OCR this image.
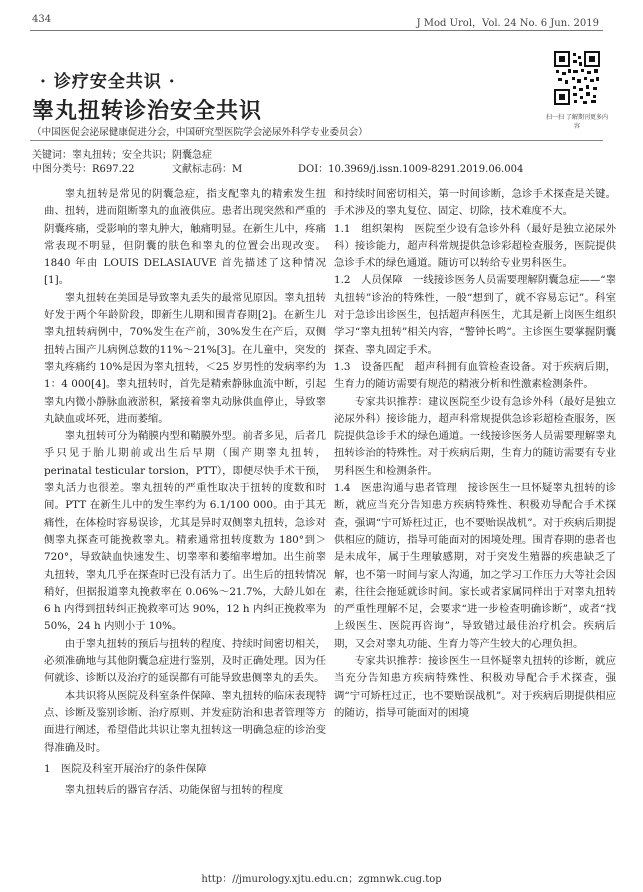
434	J Mod Urol，Vol. 24 No. 6 Jun. 2019
· 诊疗安全共识 ·
睾丸扭转诊治安全共识
（中国医促会泌尿健康促进分会，中国研究型医院学会泌尿外科学专业委员会）
扫一扫 了解期刊更多内容
关键词：睾丸扭转；安全共识；阴囊急症
中图分类号：R697.22	文献标志码：M	DOI：10.3969/j.issn.1009-8291.2019.06.004

睾丸扭转是常见的阴囊急症，指支配睾丸的精索发生扭曲、扭转，进而阻断睾丸的血液供应。患者出现突然和严重的阴囊疼痛，受影响的睾丸肿大，触痛明显。在新生儿中，疼痛常表现不明显，但阴囊的肤色和睾丸的位置会出现改变。1840 年由 LOUIS DELASIAUVE 首先描述了这种情况[1]。

睾丸扭转在美国是导致睾丸丢失的最常见原因。睾丸扭转好发于两个年龄阶段，即新生儿期和围青春期[2]。在新生儿睾丸扭转病例中，70%发生在产前，30%发生在产后，双侧扭转占围产儿病例总数的11%～21%[3]。在儿童中，突发的睾丸疼痛约 10%是因为睾丸扭转，＜25 岁男性的发病率约为 1：4 000[4]。睾丸扭转时，首先是精索静脉血流中断，引起睾丸内微小静脉血液淤积，紧接着睾丸动脉供血停止，导致睾丸缺血或坏死，进而萎缩。

睾丸扭转可分为鞘膜内型和鞘膜外型。前者多见，后者几乎只见于胎儿期前或出生后早期（围产期睾丸扭转，perinatal testicular torsion，PTT），即便尽快手术干预，睾丸活力也很差。睾丸扭转的严重性取决于扭转的度数和时间。PTT 在新生儿中的发生率约为 6.1/100 000。由于其无痛性，在体检时容易误诊，尤其是异时双侧睾丸扭转，急诊对侧睾丸探查可能挽救睾丸。精索通常扭转度数为 180°到＞720°，导致缺血快速发生、切睾率和萎缩率增加。出生前睾丸扭转，睾丸几乎在探查时已没有活力了。出生后的扭转情况稍好，但据报道睾丸挽救率在 0.06%～21.7%，大龄儿如在 6 h 内得到扭转纠正挽救率可达 90%，12 h 内纠正挽救率为 50%，24 h 内则小于 10%。

由于睾丸扭转的预后与扭转的程度、持续时间密切相关，必须准确地与其他阴囊急症进行鉴别，及时正确处理。因为任何就诊、诊断以及治疗的延误都有可能导致患侧睾丸的丢失。

本共识将从医院及科室条件保障、睾丸扭转的临床表现特点、诊断及鉴别诊断、治疗原则、并发症防治和患者管理等方面进行阐述，希望借此共识让睾丸扭转这一明确急症的诊治变得准确及时。

1　医院及科室开展治疗的条件保障

睾丸扭转后的器官存活、功能保留与扭转的程度

和持续时间密切相关，第一时间诊断，急诊手术探查是关键。手术涉及的睾丸复位、固定、切除，技术难度不大。

1.1　组织架构　医院至少设有急诊外科（最好是独立泌尿外科）接诊能力，超声科常规提供急诊彩超检查服务，医院提供急诊手术的绿色通道。随访可以转给专业男科医生。

1.2　人员保障　一线接诊医务人员需要理解阴囊急症——“睾丸扭转”诊治的特殊性，一般“想到了，就不容易忘记”。科室对于急诊出诊医生，包括超声科医生，尤其是新上岗医生组织学习“睾丸扭转”相关内容，“警钟长鸣”。主诊医生要掌握阴囊探查、睾丸固定手术。

1.3　设备匹配　超声科拥有血管检查设备。对于疾病后期，生育力的随访需要有规范的精液分析和性激素检测条件。

专家共识推荐：建议医院至少设有急诊外科（最好是独立泌尿外科）接诊能力，超声科常规提供急诊彩超检查服务，医院提供急诊手术的绿色通道。一线接诊医务人员需要理解睾丸扭转诊治的特殊性。对于疾病后期，生育力的随访需要有专业男科医生和检测条件。

1.4　医患沟通与患者管理　接诊医生一旦怀疑睾丸扭转的诊断，就应当充分告知患方疾病特殊性、积极劝导配合手术探查，强调“宁可矫枉过正，也不要贻误战机”。对于疾病后期提供相应的随访，指导可能面对的困境处理。围青春期的患者也是未成年，属于生理敏感期，对于突发生殖器的疾患缺乏了解，也不第一时间与家人沟通，加之学习工作压力大等社会因素，往往会拖延就诊时间。家长或者家属同样出于对睾丸扭转的严重性理解不足，会要求“进一步检查明确诊断”，或者“找上级医生、医院再咨询”，导致错过最佳治疗机会。疾病后期，又会对睾丸功能、生育力等产生较大的心理负担。

专家共识推荐：接诊医生一旦怀疑睾丸扭转的诊断，就应当充分告知患方疾病特殊性、积极劝导配合手术探查，强调“宁可矫枉过正，也不要贻误战机”。对于疾病后期提供相应的随访，指导可能面对的困境

http：//jmurology.xjtu.edu.cn；zgmnwk.cug.top
